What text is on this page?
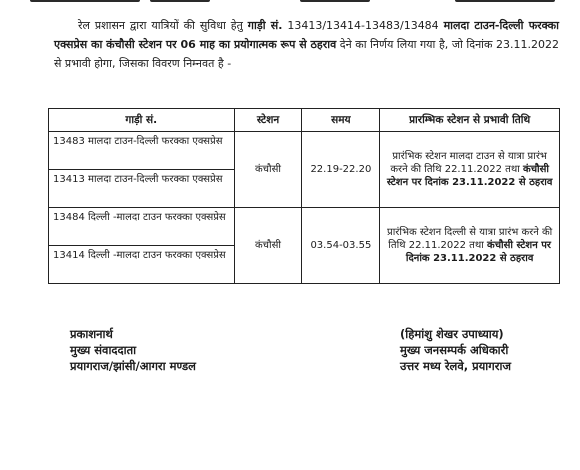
रेल प्रशासन द्वारा यात्रियों की सुविधा हेतु गाड़ी सं. 13413/13414-13483/13484 मालदा टाउन-दिल्ली फरक्का एक्सप्रेस का कंचौसी स्टेशन पर 06 माह का प्रयोगात्मक रूप से ठहराव देने का निर्णय लिया गया है, जो दिनांक 23.11.2022 से प्रभावी होगा, जिसका विवरण निम्नवत है -

गाड़ी सं.	स्टेशन	समय	प्रारम्भिक स्टेशन से प्रभावी तिथि
13483 मालदा टाउन-दिल्ली फरक्का एक्सप्रेस	कंचौसी	22.19-22.20	प्रारंभिक स्टेशन मालदा टाउन से यात्रा प्रारंभ करने की तिथि 22.11.2022 तथा कंचौसी स्टेशन पर दिनांक 23.11.2022 से ठहराव
13413 मालदा टाउन-दिल्ली फरक्का एक्सप्रेस			
13484 दिल्ली -मालदा टाउन फरक्का एक्सप्रेस	कंचौसी	03.54-03.55	प्रारंभिक स्टेशन दिल्ली से यात्रा प्रारंभ करने की तिथि 22.11.2022 तथा कंचौसी स्टेशन पर दिनांक 23.11.2022 से ठहराव
13414 दिल्ली -मालदा टाउन फरक्का एक्सप्रेस			
प्रकाशनार्थ
मुख्य संवाददाता
प्रयागराज/झांसी/आगरा मण्डल
(हिमांशु शेखर उपाध्याय)
मुख्य जनसम्पर्क अधिकारी
उत्तर मध्य रेलवे, प्रयागराज
